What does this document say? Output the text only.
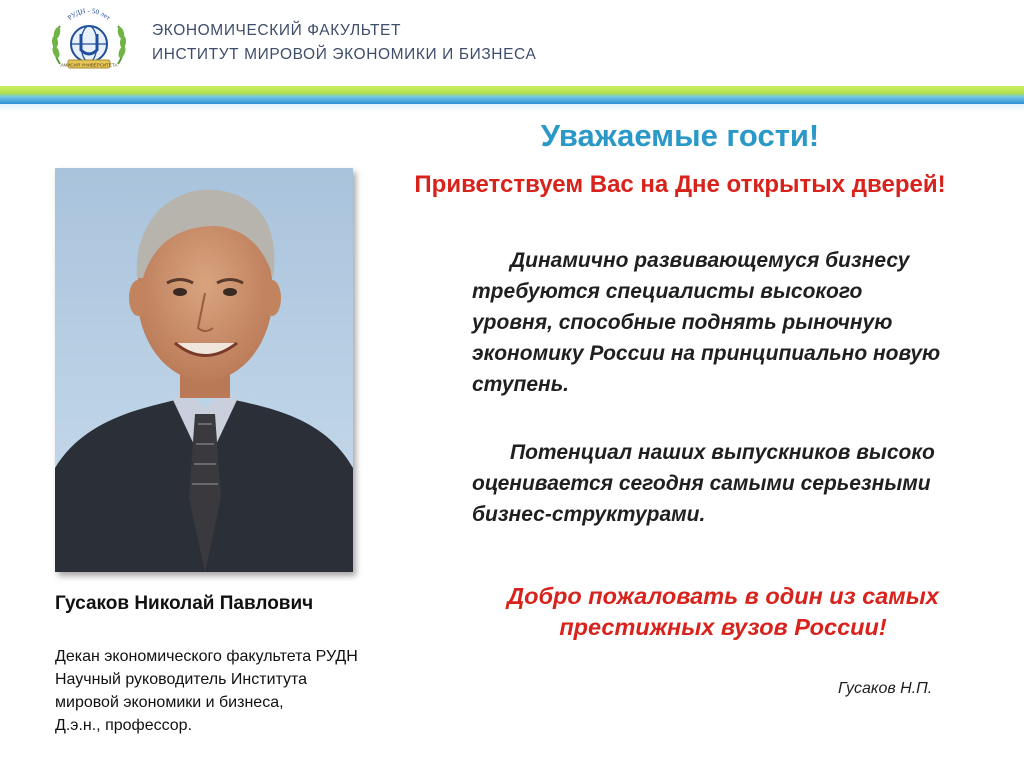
АМИСИЯ УНИВЕРСИТЕТА
РУДН - 50 лет
ЭКОНОМИЧЕСКИЙ ФАКУЛЬТЕТ
ИНСТИТУТ МИРОВОЙ ЭКОНОМИКИ И БИЗНЕСА
Уважаемые гости!
Приветствуем Вас на Дне открытых дверей!
Динамично развивающемуся бизнесу требуются специалисты высокого уровня, способные поднять рыночную экономику России на принципиально новую ступень.
Потенциал наших выпускников высоко оценивается сегодня самыми серьезными бизнес-структурами.
Добро пожаловать в один из самых престижных вузов России!
Гусаков Н.П.
Гусаков Николай Павлович
Декан экономического факультета РУДН
Научный руководитель Института
мировой экономики и бизнеса,
Д.э.н., профессор.
